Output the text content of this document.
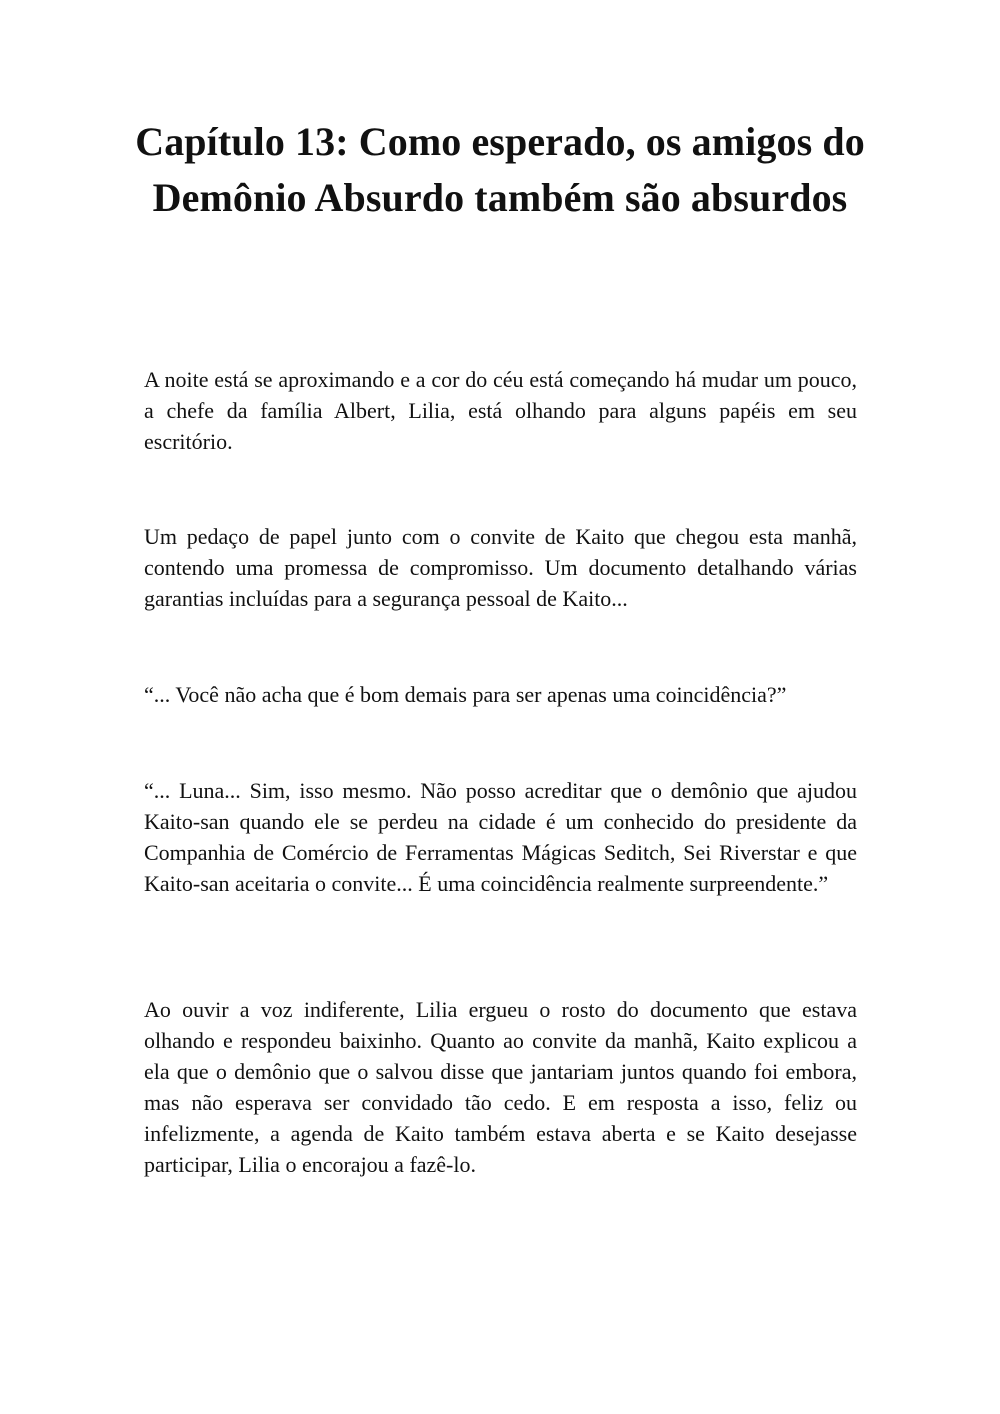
Capítulo 13: Como esperado, os amigos do Demônio Absurdo também são absurdos

A noite está se aproximando e a cor do céu está começando há mudar um pouco, a chefe da família Albert, Lilia, está olhando para alguns papéis em seu escritório.

Um pedaço de papel junto com o convite de Kaito que chegou esta manhã, contendo uma promessa de compromisso. Um documento detalhando várias garantias incluídas para a segurança pessoal de Kaito...

“... Você não acha que é bom demais para ser apenas uma coincidência?”

“... Luna... Sim, isso mesmo. Não posso acreditar que o demônio que ajudou Kaito-san quando ele se perdeu na cidade é um conhecido do presidente da Companhia de Comércio de Ferramentas Mágicas Seditch, Sei Riverstar e que Kaito-san aceitaria o convite... É uma coincidência realmente surpreendente.”

Ao ouvir a voz indiferente, Lilia ergueu o rosto do documento que estava olhando e respondeu baixinho. Quanto ao convite da manhã, Kaito explicou a ela que o demônio que o salvou disse que jantariam juntos quando foi embora, mas não esperava ser convidado tão cedo. E em resposta a isso, feliz ou infelizmente, a agenda de Kaito também estava aberta e se Kaito desejasse participar, Lilia o encorajou a fazê-lo.
